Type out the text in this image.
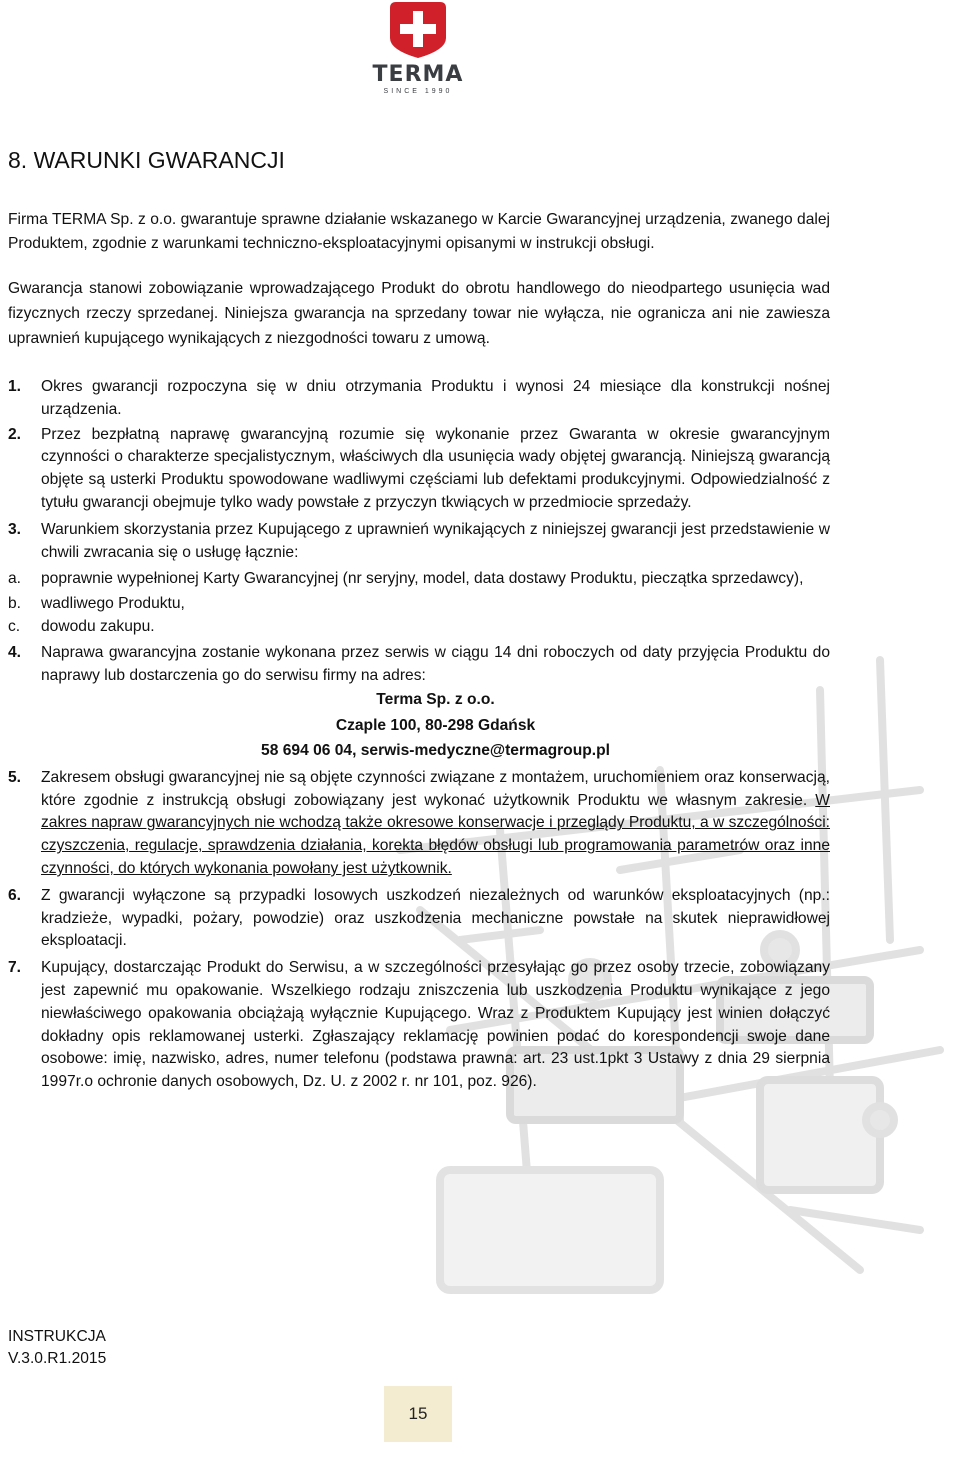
TERMA
SINCE 1990
8. WARUNKI GWARANCJI

Firma TERMA Sp. z o.o. gwarantuje sprawne działanie wskazanego w Karcie Gwarancyjnej urządzenia, zwanego dalej Produktem, zgodnie z warunkami techniczno-eksploatacyjnymi opisanymi w instrukcji obsługi.

Gwarancja stanowi zobowiązanie wprowadzającego Produkt do obrotu handlowego do nieodpartego usunięcia wad fizycznych rzeczy sprzedanej. Niniejsza gwarancja na sprzedany towar nie wyłącza, nie ogranicza ani nie zawiesza uprawnień kupującego wynikających z niezgodności towaru z umową.

1.	Okres gwarancji rozpoczyna się w dniu otrzymania Produktu i wynosi 24 miesiące dla konstrukcji nośnej urządzenia.
2.	Przez bezpłatną naprawę gwarancyjną rozumie się wykonanie przez Gwaranta w okresie gwarancyjnym czynności o charakterze specjalistycznym, właściwych dla usunięcia wady objętej gwarancją. Niniejszą gwarancją objęte są usterki Produktu spowodowane wadliwymi częściami lub defektami produkcyjnymi. Odpowiedzialność z tytułu gwarancji obejmuje tylko wady powstałe z przyczyn tkwiących w przedmiocie sprzedaży.
3.	Warunkiem skorzystania przez Kupującego z uprawnień wynikających z niniejszej gwarancji jest przedstawienie w chwili zwracania się o usługę łącznie:
a.	poprawnie wypełnionej Karty Gwarancyjnej (nr seryjny, model, data dostawy Produktu, pieczątka sprzedawcy),
b.	wadliwego Produktu,
c.	dowodu zakupu.
4.	Naprawa gwarancyjna zostanie wykonana przez serwis w ciągu 14 dni roboczych od daty przyjęcia Produktu do naprawy lub dostarczenia go do serwisu firmy na adres:
Terma Sp. z o.o.
Czaple 100, 80-298 Gdańsk
58 694 06 04, serwis-medyczne@termagroup.pl
5.	Zakresem obsługi gwarancyjnej nie są objęte czynności związane z montażem, uruchomieniem oraz konserwacją, które zgodnie z instrukcją obsługi zobowiązany jest wykonać użytkownik Produktu we własnym zakresie. W zakres napraw gwarancyjnych nie wchodzą także okresowe konserwacje i przeglądy Produktu, a w szczególności: czyszczenia, regulacje, sprawdzenia działania, korekta błędów obsługi lub programowania parametrów oraz inne czynności, do których wykonania powołany jest użytkownik.
6.	Z gwarancji wyłączone są przypadki losowych uszkodzeń niezależnych od warunków eksploatacyjnych (np.: kradzieże, wypadki, pożary, powodzie) oraz uszkodzenia mechaniczne powstałe na skutek nieprawidłowej eksploatacji.
7.	Kupujący, dostarczając Produkt do Serwisu, a w szczególności przesyłając go przez osoby trzecie, zobowiązany jest zapewnić mu opakowanie. Wszelkiego rodzaju zniszczenia lub uszkodzenia Produktu wynikające z jego niewłaściwego opakowania obciążają wyłącznie Kupującego. Wraz z Produktem Kupujący jest winien dołączyć dokładny opis reklamowanej usterki. Zgłaszający reklamację powinien podać do korespondencji swoje dane osobowe: imię, nazwisko, adres, numer telefonu (podstawa prawna: art. 23 ust.1pkt 3 Ustawy z dnia 29 sierpnia 1997r.o ochronie danych osobowych, Dz. U. z 2002 r. nr 101, poz. 926).
INSTRUKCJA
V.3.0.R1.2015
15
